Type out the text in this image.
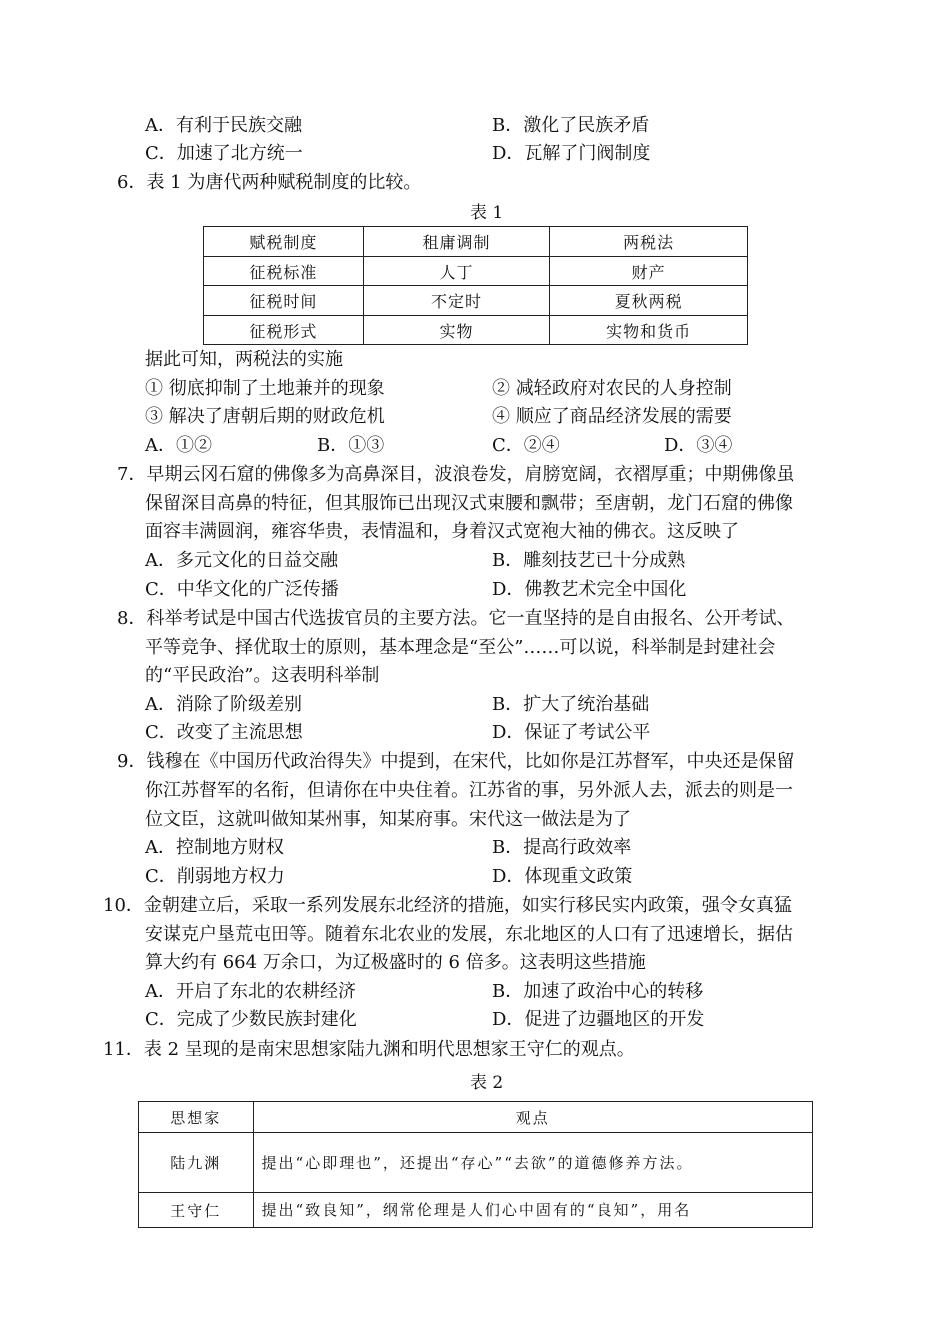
A．有利于民族交融	B．激化了民族矛盾
C．加速了北方统一	D．瓦解了门阀制度
6．表 1 为唐代两种赋税制度的比较。
表 1
赋税制度	租庸调制	两税法
征税标准	人丁	财产
征税时间	不定时	夏秋两税
征税形式	实物	实物和货币
据此可知，两税法的实施
① 彻底抑制了土地兼并的现象	② 减轻政府对农民的人身控制
③ 解决了唐朝后期的财政危机	④ 顺应了商品经济发展的需要
A．①②	B．①③	C．②④	D．③④
7．早期云冈石窟的佛像多为高鼻深目，波浪卷发，肩膀宽阔，衣褶厚重；中期佛像虽
保留深目高鼻的特征，但其服饰已出现汉式束腰和飘带；至唐朝，龙门石窟的佛像
面容丰满圆润，雍容华贵，表情温和，身着汉式宽袍大袖的佛衣。这反映了
A．多元文化的日益交融	B．雕刻技艺已十分成熟
C．中华文化的广泛传播	D．佛教艺术完全中国化
8．科举考试是中国古代选拔官员的主要方法。它一直坚持的是自由报名、公开考试、
平等竞争、择优取士的原则，基本理念是“至公”……可以说，科举制是封建社会
的“平民政治”。这表明科举制
A．消除了阶级差别	B．扩大了统治基础
C．改变了主流思想	D．保证了考试公平
9．钱穆在《中国历代政治得失》中提到，在宋代，比如你是江苏督军，中央还是保留
你江苏督军的名衔，但请你在中央住着。江苏省的事，另外派人去，派去的则是一
位文臣，这就叫做知某州事，知某府事。宋代这一做法是为了
A．控制地方财权	B．提高行政效率
C．削弱地方权力	D．体现重文政策
10．金朝建立后，采取一系列发展东北经济的措施，如实行移民实内政策，强令女真猛
安谋克户垦荒屯田等。随着东北农业的发展，东北地区的人口有了迅速增长，据估
算大约有 664 万余口，为辽极盛时的 6 倍多。这表明这些措施
A．开启了东北的农耕经济	B．加速了政治中心的转移
C．完成了少数民族封建化	D．促进了边疆地区的开发
11．表 2 呈现的是南宋思想家陆九渊和明代思想家王守仁的观点。
表 2
思想家	观点
陆九渊	提出“心即理也”，还提出“存心”“去欲”的道德修养方法。
王守仁	提出“致良知”，纲常伦理是人们心中固有的“良知”，用名
